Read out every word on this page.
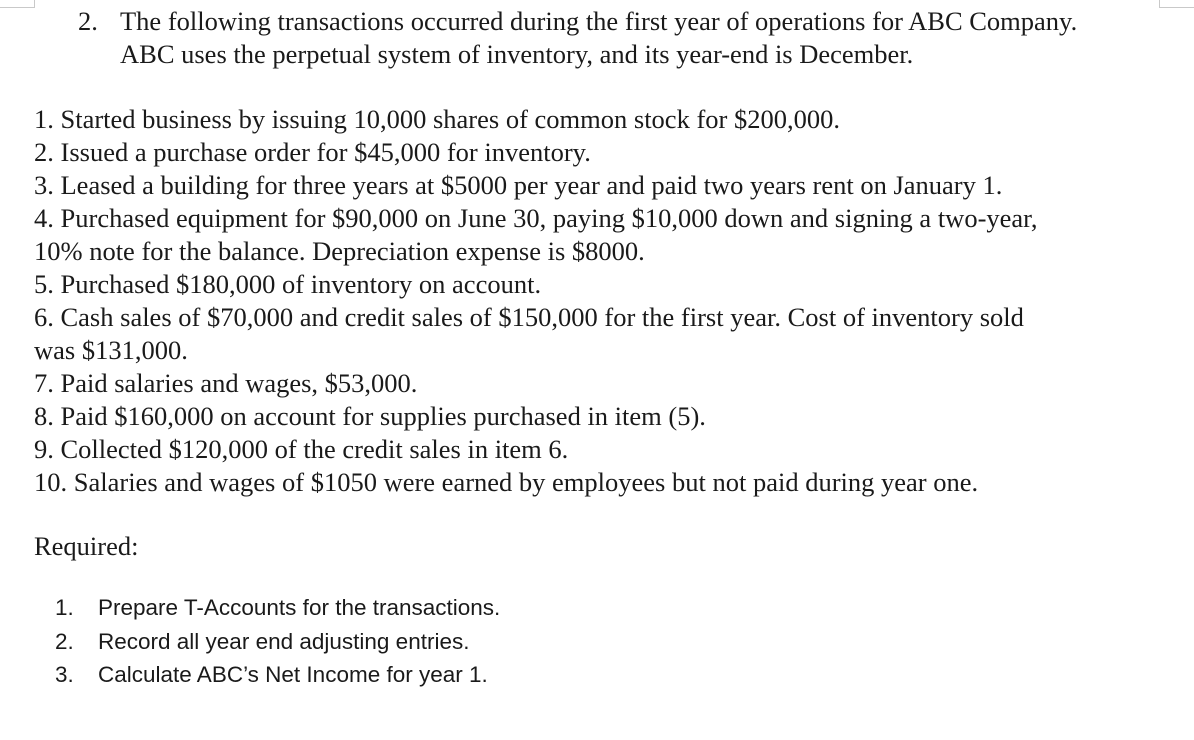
2. The following transactions occurred during the first year of operations for ABC Company.
ABC uses the perpetual system of inventory, and its year-end is December.
1. Started business by issuing 10,000 shares of common stock for $200,000.
2. Issued a purchase order for $45,000 for inventory.
3. Leased a building for three years at $5000 per year and paid two years rent on January 1.
4. Purchased equipment for $90,000 on June 30, paying $10,000 down and signing a two-year,
10% note for the balance. Depreciation expense is $8000.
5. Purchased $180,000 of inventory on account.
6. Cash sales of $70,000 and credit sales of $150,000 for the first year. Cost of inventory sold
was $131,000.
7. Paid salaries and wages, $53,000.
8. Paid $160,000 on account for supplies purchased in item (5).
9. Collected $120,000 of the credit sales in item 6.
10. Salaries and wages of $1050 were earned by employees but not paid during year one.
Required:
1. Prepare T-Accounts for the transactions.
2. Record all year end adjusting entries.
3. Calculate ABC’s Net Income for year 1.
